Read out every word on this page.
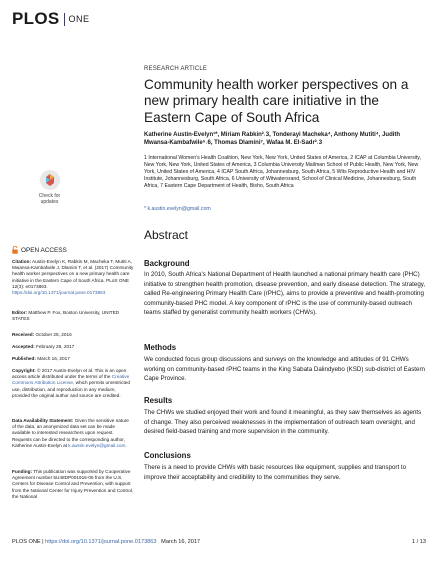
PLOS ONE
RESEARCH ARTICLE
Community health worker perspectives on a new primary health care initiative in the Eastern Cape of South Africa
Katherine Austin-Evelyn¹*, Miriam Rabkin²˒3, Tonderayi Macheka⁴, Anthony Mutiti⁴, Judith Mwansa-Kambafwile⁵˒6, Thomas Dlamini⁷, Wafaa M. El-Sadr²˒3
1 International Women's Health Coalition, New York, New York, United States of America, 2 ICAP at Columbia University, New York, New York, United States of America, 3 Columbia University Mailman School of Public Health, New York, New York, United States of America, 4 ICAP South Africa, Johannesburg, South Africa, 5 Wits Reproductive Health and HIV Institute, Johannesburg, South Africa, 6 University of Witwatersrand, School of Clinical Medicine, Johannesburg, South Africa, 7 Eastern Cape Department of Health, Bisho, South Africa
* k.austin.evelyn@gmail.com
Check for
updates
OPEN ACCESS
Citation: Austin-Evelyn K, Rabkin M, Macheka T, Mutiti A, Mwansa-Kambafwile J, Dlamini T, et al. (2017) Community health worker perspectives on a new primary health care initiative in the Eastern Cape of South Africa. PLoS ONE 12(3): e0173863. https://doi.org/10.1371/journal.pone.0173863
Editor: Matthew P. Fox, Boston University, UNITED STATES
Received: October 25, 2016
Accepted: February 28, 2017
Published: March 16, 2017
Copyright: © 2017 Austin-Evelyn et al. This is an open access article distributed under the terms of the Creative Commons Attribution License, which permits unrestricted use, distribution, and reproduction in any medium, provided the original author and source are credited.
Data Availability Statement: Given the sensitive nature of the data, an anonymized data set can be made available to interested researchers upon request. Requests can be directed to the corresponding author, Katherine Austin-Evelyn at k.austin.evelyn@gmail.com.
Funding: This publication was supported by Cooperative Agreement number 5U48DP001916-05 from the U.S. Centers for Disease Control and Prevention, with support from the National Center for Injury Prevention and Control, the National
Abstract
Background
In 2010, South Africa's National Department of Health launched a national primary health care (PHC) initiative to strengthen health promotion, disease prevention, and early disease detection. The strategy, called Re-engineering Primary Health Care (rPHC), aims to provide a preventive and health-promoting community-based PHC model. A key component of rPHC is the use of community-based outreach teams staffed by generalist community health workers (CHWs).
Methods
We conducted focus group discussions and surveys on the knowledge and attitudes of 91 CHWs working on community-based rPHC teams in the King Sabata Dalindyebo (KSD) sub-district of Eastern Cape Province.
Results
The CHWs we studied enjoyed their work and found it meaningful, as they saw themselves as agents of change. They also perceived weaknesses in the implementation of outreach team oversight, and desired field-based training and more supervision in the community.
Conclusions
There is a need to provide CHWs with basic resources like equipment, supplies and transport to improve their acceptability and credibility to the communities they serve.
PLOS ONE | https://doi.org/10.1371/journal.pone.0173863   March 16, 2017	1 / 13
